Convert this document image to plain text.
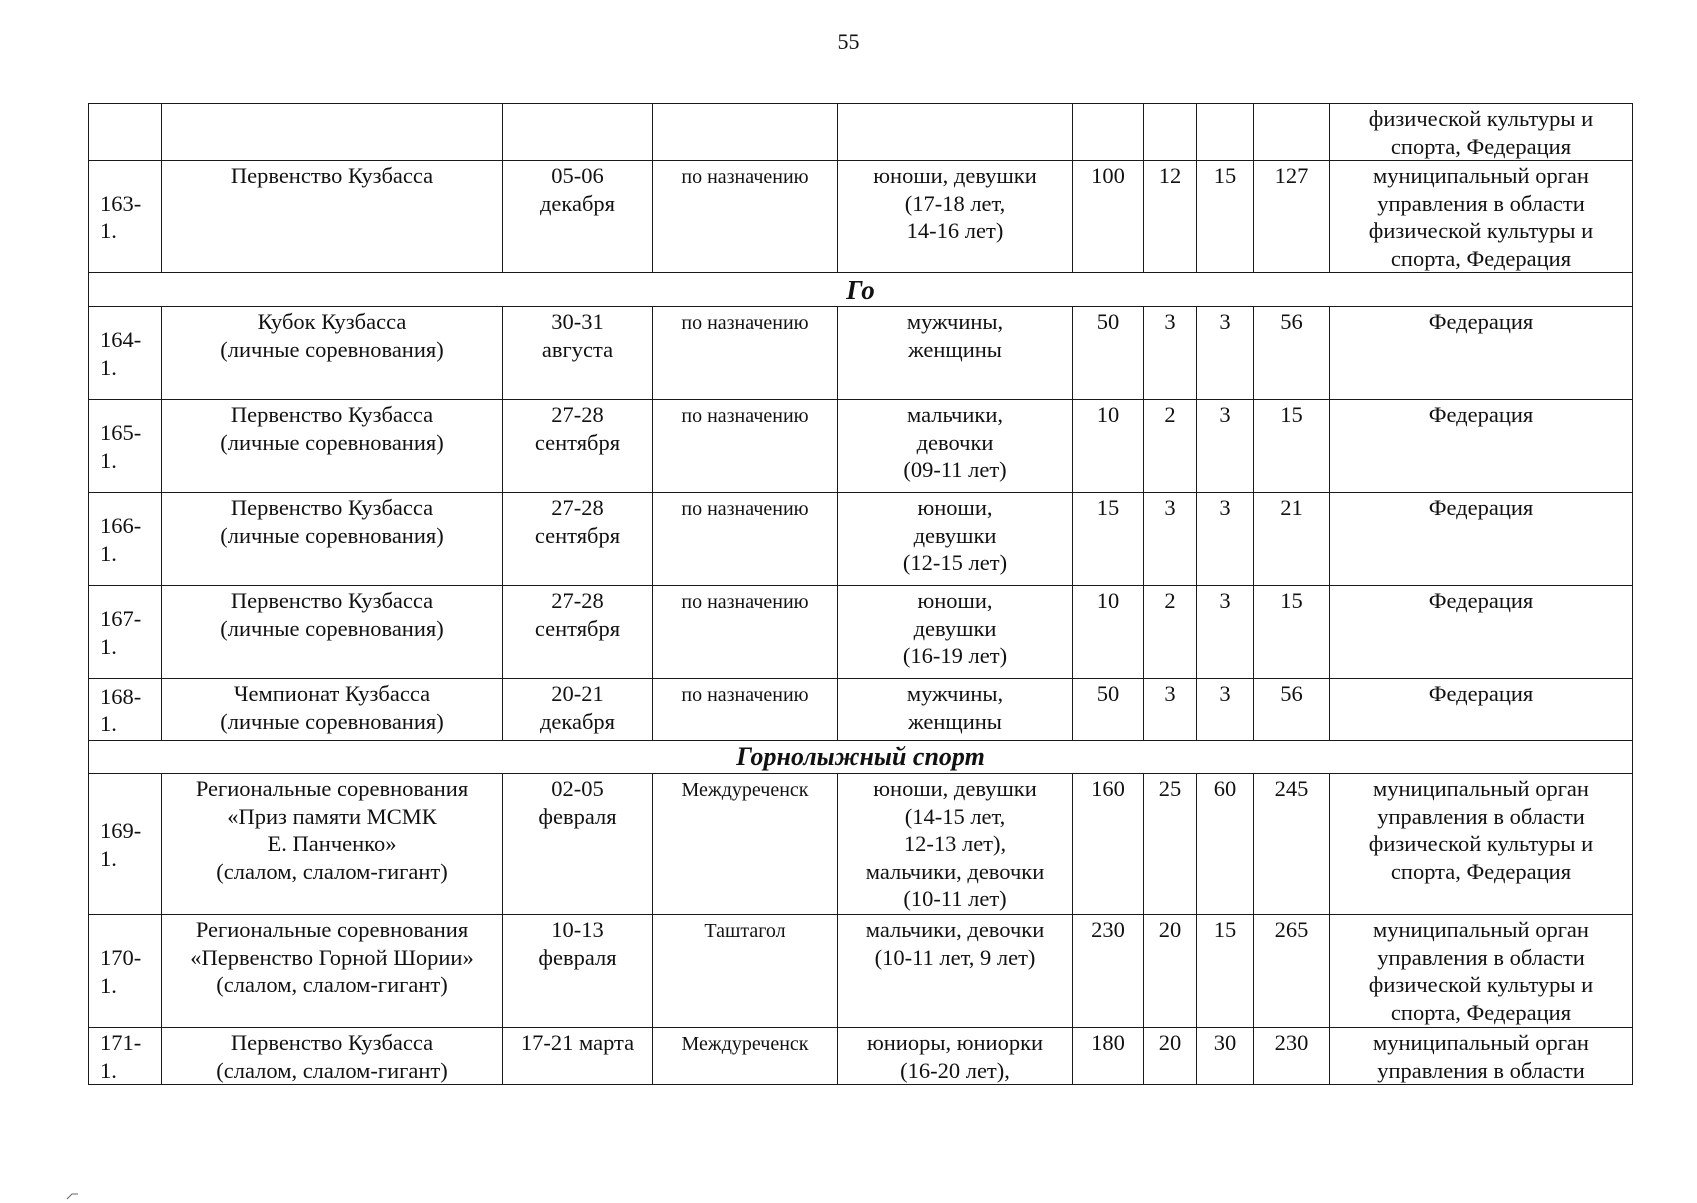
55
									физической культуры и
спорта, Федерация
163-1.	Первенство Кузбасса	05-06
декабря	по назначению	юноши, девушки
(17-18 лет,
14-16 лет)	100	12	15	127	муниципальный орган
управления в области
физической культуры и
спорта, Федерация
Го									
164-1.	Кубок Кузбасса
(личные соревнования)	30-31
августа	по назначению	мужчины,
женщины	50	3	3	56	Федерация
165-1.	Первенство Кузбасса
(личные соревнования)	27-28
сентября	по назначению	мальчики,
девочки
(09-11 лет)	10	2	3	15	Федерация
166-1.	Первенство Кузбасса
(личные соревнования)	27-28
сентября	по назначению	юноши,
девушки
(12-15 лет)	15	3	3	21	Федерация
167-1.	Первенство Кузбасса
(личные соревнования)	27-28
сентября	по назначению	юноши,
девушки
(16-19 лет)	10	2	3	15	Федерация
168-1.	Чемпионат Кузбасса
(личные соревнования)	20-21
декабря	по назначению	мужчины,
женщины	50	3	3	56	Федерация
Горнолыжный спорт									
169-1.	Региональные соревнования
«Приз памяти МСМК
Е. Панченко»
(слалом, слалом-гигант)	02-05
февраля	Междуреченск	юноши, девушки
(14-15 лет,
12-13 лет),
мальчики, девочки
(10-11 лет)	160	25	60	245	муниципальный орган
управления в области
физической культуры и
спорта, Федерация
170-1.	Региональные соревнования
«Первенство Горной Шории»
(слалом, слалом-гигант)	10-13
февраля	Таштагол	мальчики, девочки
(10-11 лет, 9 лет)	230	20	15	265	муниципальный орган
управления в области
физической культуры и
спорта, Федерация
171-1.	Первенство Кузбасса
(слалом, слалом-гигант)	17-21 марта	Междуреченск	юниоры, юниорки
(16-20 лет),	180	20	30	230	муниципальный орган
управления в области
